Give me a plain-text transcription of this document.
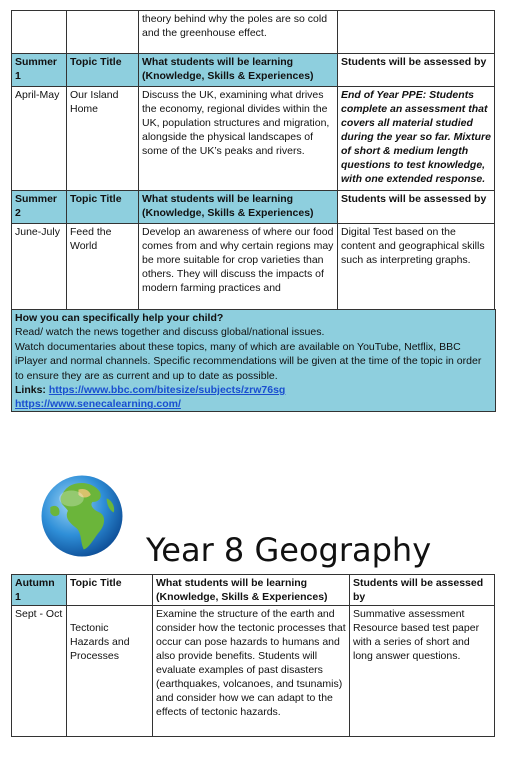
		theory behind why the poles are so cold and the greenhouse effect.	
Summer 1	Topic Title	What students will be learning (Knowledge, Skills & Experiences)	Students will be assessed by
April-May	Our Island Home	Discuss the UK, examining what drives the economy, regional divides within the UK, population structures and migration, alongside the physical landscapes of some of the UK’s peaks and rivers.	End of Year PPE: Students complete an assessment that covers all material studied during the year so far. Mixture of short & medium length questions to test knowledge, with one extended response.
Summer 2	Topic Title	What students will be learning (Knowledge, Skills & Experiences)	Students will be assessed by
June-July	Feed the World	Develop an awareness of where our food comes from and why certain regions may be more suitable for crop varieties than others. They will discuss the impacts of modern farming practices and	Digital Test based on the content and geographical skills such as interpreting graphs.
How you can specifically help your child?
Read/ watch the news together and discuss global/national issues.
Watch documentaries about these topics, many of which are available on YouTube, Netflix, BBC iPlayer and normal channels. Specific recommendations will be given at the time of the topic in order to ensure they are as current and up to date as possible.
Links: https://www.bbc.com/bitesize/subjects/zrw76sg
https://www.senecalearning.com/
Year 8 Geography
Autumn 1	Topic Title	What students will be learning (Knowledge, Skills & Experiences)	Students will be assessed by
Sept - Oct	Tectonic Hazards and Processes	Examine the structure of the earth and consider how the tectonic processes that occur can pose hazards to humans and also provide benefits. Students will evaluate examples of past disasters (earthquakes, volcanoes, and tsunamis) and consider how we can adapt to the effects of tectonic hazards.	Summative assessment Resource based test paper with a series of short and long answer questions.
